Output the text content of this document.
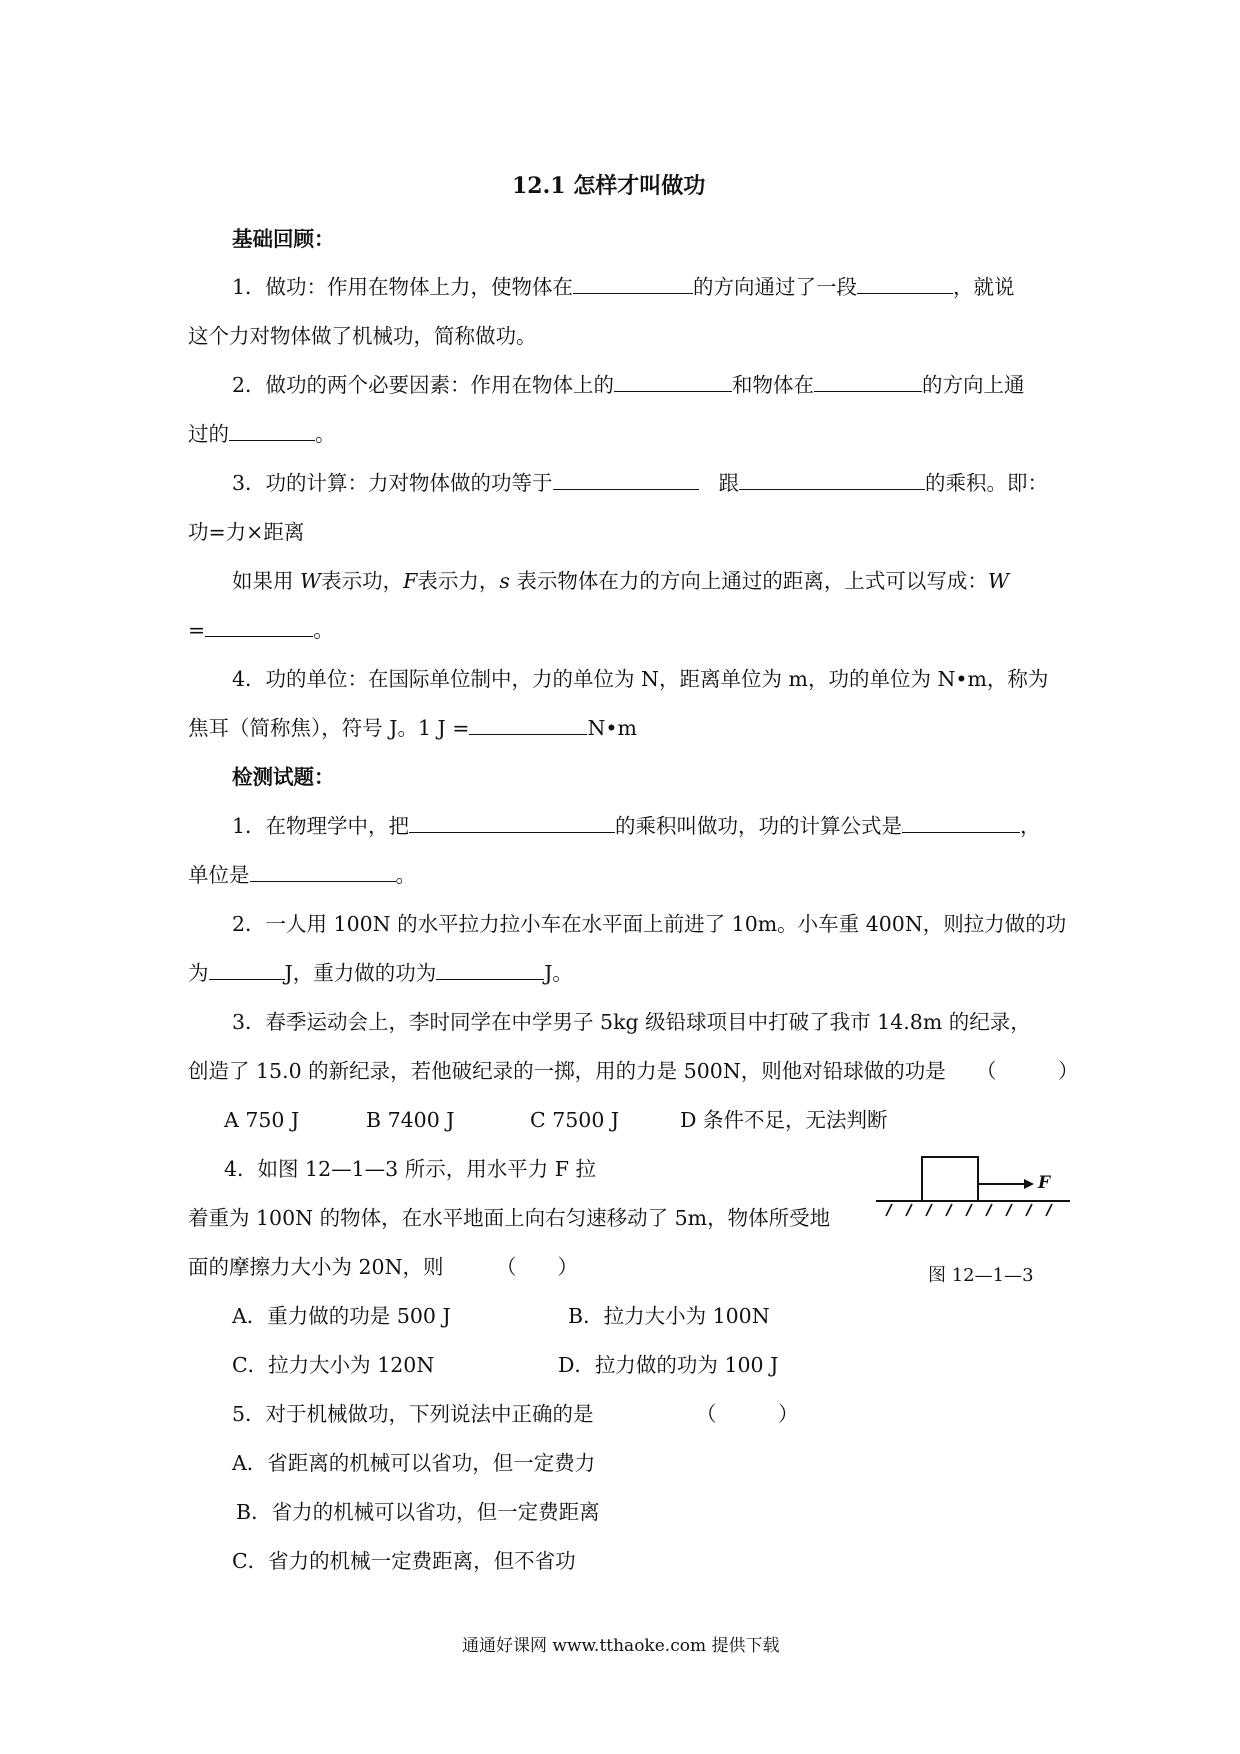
12.1 怎样才叫做功
基础回顾：
1．做功：作用在物体上力，使物体在	的方向通过了一段	，就说
这个力对物体做了机械功，简称做功。
2．做功的两个必要因素：作用在物体上的	和物体在	的方向上通
过的	。
3．功的计算：力对物体做的功等于	跟	的乘积。即：
功=力×距离
如果用 W表示功，F表示力，s 表示物体在力的方向上通过的距离，上式可以写成：W
=	。
4．功的单位：在国际单位制中，力的单位为 N，距离单位为 m，功的单位为 N•m，称为
焦耳（简称焦），符号 J。1 J =	N•m
检测试题：
1．在物理学中，把	的乘积叫做功，功的计算公式是	，
单位是	。
2．一人用 100N 的水平拉力拉小车在水平面上前进了 10m。小车重 400N，则拉力做的功
为	J，重力做的功为	J。
3．春季运动会上，李时同学在中学男子 5kg 级铅球项目中打破了我市 14.8m 的纪录，
创造了 15.0 的新纪录，若他破纪录的一掷，用的力是 500N，则他对铅球做的功是 （　　　）
A 750 J	B 7400 J	C 7500 J	D 条件不足，无法判断
4．如图 12—1—3 所示，用水平力 F 拉
着重为 100N 的物体，在水平地面上向右匀速移动了 5m，物体所受地
面的摩擦力大小为 20N，则	（　　）
F
图 12—1—3
A．重力做的功是 500 J	B．拉力大小为 100N
C．拉力大小为 120N	D．拉力做的功为 100 J
5．对于机械做功，下列说法中正确的是	（　　　）
A．省距离的机械可以省功，但一定费力
B．省力的机械可以省功，但一定费距离
C．省力的机械一定费距离，但不省功
通通好课网 www.tthaoke.com 提供下载
